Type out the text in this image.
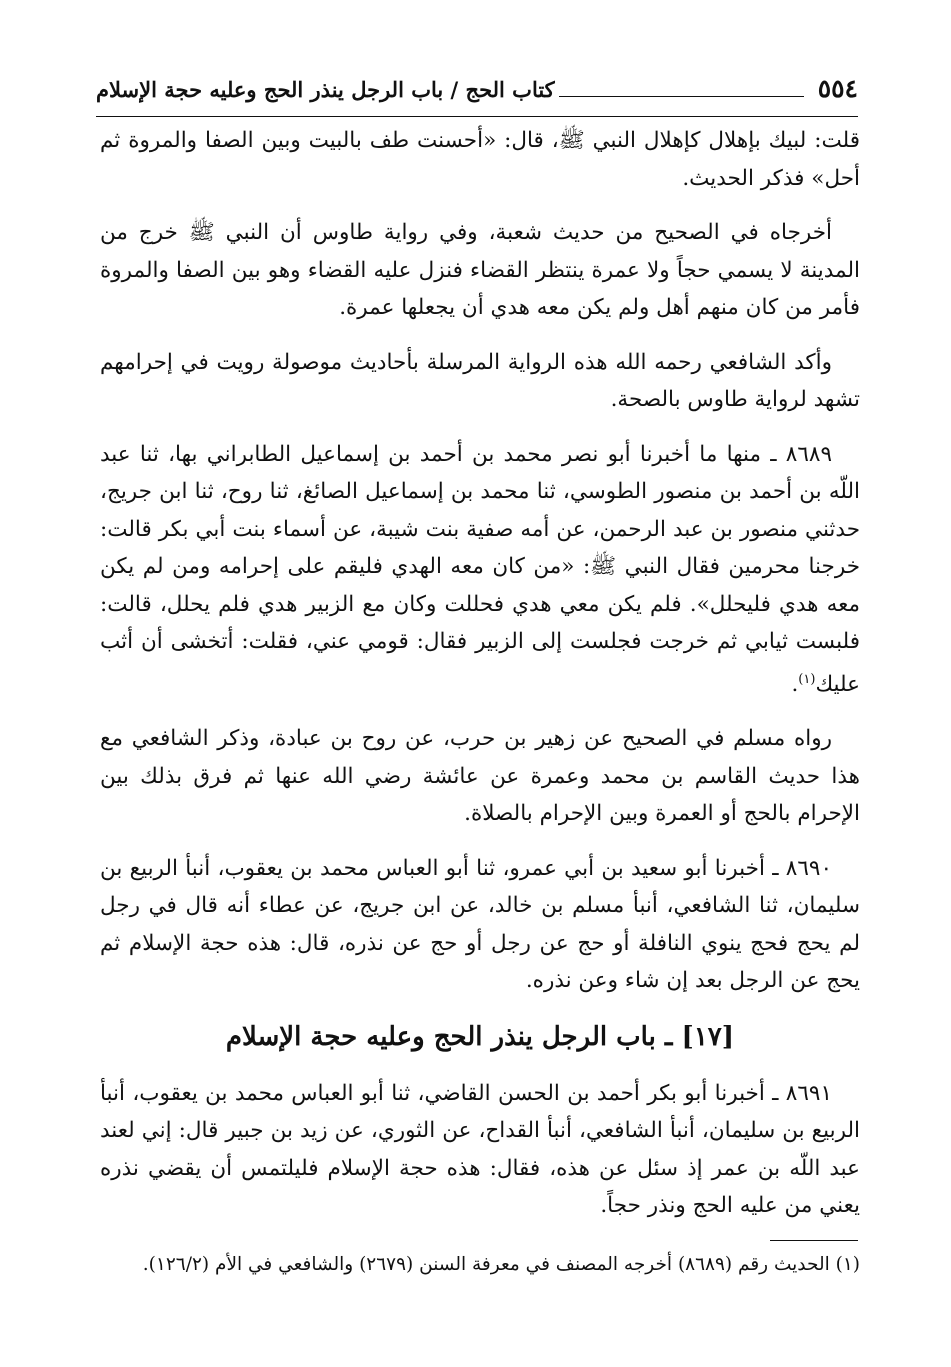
٥٥٤
كتاب الحج / باب الرجل ينذر الحج وعليه حجة الإسلام

قلت: لبيك بإهلال كإهلال النبي ﷺ، قال: «أحسنت طف بالبيت وبين الصفا والمروة ثم أحل» فذكر الحديث.

أخرجاه في الصحيح من حديث شعبة، وفي رواية طاوس أن النبي ﷺ خرج من المدينة لا يسمي حجاً ولا عمرة ينتظر القضاء فنزل عليه القضاء وهو بين الصفا والمروة فأمر من كان منهم أهل ولم يكن معه هدي أن يجعلها عمرة.

وأكد الشافعي رحمه الله هذه الرواية المرسلة بأحاديث موصولة رويت في إحرامهم تشهد لرواية طاوس بالصحة.

٨٦٨٩ ـ منها ما أخبرنا أبو نصر محمد بن أحمد بن إسماعيل الطابراني بها، ثنا عبد اللّه بن أحمد بن منصور الطوسي، ثنا محمد بن إسماعيل الصائغ، ثنا روح، ثنا ابن جريج، حدثني منصور بن عبد الرحمن، عن أمه صفية بنت شيبة، عن أسماء بنت أبي بكر قالت: خرجنا محرمين فقال النبي ﷺ: «من كان معه الهدي فليقم على إحرامه ومن لم يكن معه هدي فليحلل». فلم يكن معي هدي فحللت وكان مع الزبير هدي فلم يحلل، قالت: فلبست ثيابي ثم خرجت فجلست إلى الزبير فقال: قومي عني، فقلت: أتخشى أن أثب عليك$^{(١)}$.

رواه مسلم في الصحيح عن زهير بن حرب، عن روح بن عبادة، وذكر الشافعي مع هذا حديث القاسم بن محمد وعمرة عن عائشة رضي الله عنها ثم فرق بذلك بين الإحرام بالحج أو العمرة وبين الإحرام بالصلاة.

٨٦٩٠ ـ أخبرنا أبو سعيد بن أبي عمرو، ثنا أبو العباس محمد بن يعقوب، أنبأ الربيع بن سليمان، ثنا الشافعي، أنبأ مسلم بن خالد، عن ابن جريج، عن عطاء أنه قال في رجل لم يحج فحج ينوي النافلة أو حج عن رجل أو حج عن نذره، قال: هذه حجة الإسلام ثم يحج عن الرجل بعد إن شاء وعن نذره.

[١٧] ـ باب الرجل ينذر الحج وعليه حجة الإسلام

٨٦٩١ ـ أخبرنا أبو بكر أحمد بن الحسن القاضي، ثنا أبو العباس محمد بن يعقوب، أنبأ الربيع بن سليمان، أنبأ الشافعي، أنبأ القداح، عن الثوري، عن زيد بن جبير قال: إني لعند عبد اللّه بن عمر إذ سئل عن هذه، فقال: هذه حجة الإسلام فليلتمس أن يقضي نذره يعني من عليه الحج ونذر حجاً.

(١) الحديث رقم (٨٦٨٩) أخرجه المصنف في معرفة السنن (٢٦٧٩) والشافعي في الأم (١٢٦/٢).
